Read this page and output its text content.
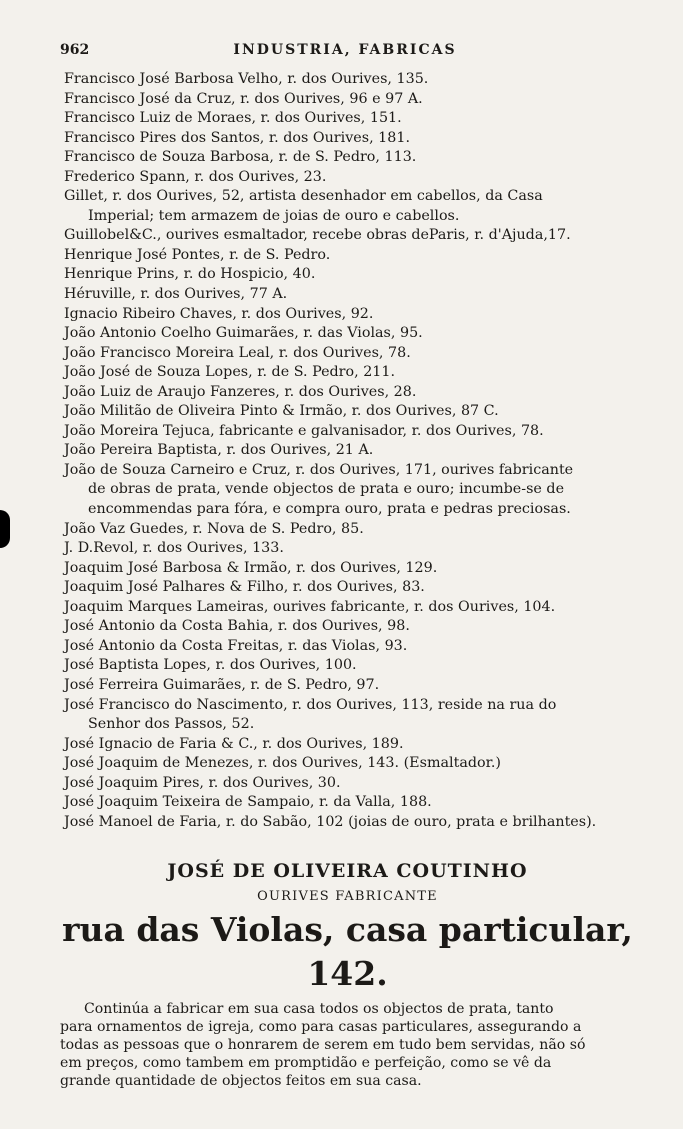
962	INDUSTRIA, FABRICAS
Francisco José Barbosa Velho, r. dos Ourives, 135.
Francisco José da Cruz, r. dos Ourives, 96 e 97 A.
Francisco Luiz de Moraes, r. dos Ourives, 151.
Francisco Pires dos Santos, r. dos Ourives, 181.
Francisco de Souza Barbosa, r. de S. Pedro, 113.
Frederico Spann, r. dos Ourives, 23.
Gillet, r. dos Ourives, 52, artista desenhador em cabellos, da Casa
Imperial; tem armazem de joias de ouro e cabellos.
Guillobel&C., ourives esmaltador, recebe obras deParis, r. d'Ajuda,17.
Henrique José Pontes, r. de S. Pedro.
Henrique Prins, r. do Hospicio, 40.
Héruville, r. dos Ourives, 77 A.
Ignacio Ribeiro Chaves, r. dos Ourives, 92.
João Antonio Coelho Guimarães, r. das Violas, 95.
João Francisco Moreira Leal, r. dos Ourives, 78.
João José de Souza Lopes, r. de S. Pedro, 211.
João Luiz de Araujo Fanzeres, r. dos Ourives, 28.
João Militão de Oliveira Pinto & Irmão, r. dos Ourives, 87 C.
João Moreira Tejuca, fabricante e galvanisador, r. dos Ourives, 78.
João Pereira Baptista, r. dos Ourives, 21 A.
João de Souza Carneiro e Cruz, r. dos Ourives, 171, ourives fabricante
de obras de prata, vende objectos de prata e ouro; incumbe-se de
encommendas para fóra, e compra ouro, prata e pedras preciosas.
João Vaz Guedes, r. Nova de S. Pedro, 85.
J. D.Revol, r. dos Ourives, 133.
Joaquim José Barbosa & Irmão, r. dos Ourives, 129.
Joaquim José Palhares & Filho, r. dos Ourives, 83.
Joaquim Marques Lameiras, ourives fabricante, r. dos Ourives, 104.
José Antonio da Costa Bahia, r. dos Ourives, 98.
José Antonio da Costa Freitas, r. das Violas, 93.
José Baptista Lopes, r. dos Ourives, 100.
José Ferreira Guimarães, r. de S. Pedro, 97.
José Francisco do Nascimento, r. dos Ourives, 113, reside na rua do
Senhor dos Passos, 52.
José Ignacio de Faria & C., r. dos Ourives, 189.
José Joaquim de Menezes, r. dos Ourives, 143. (Esmaltador.)
José Joaquim Pires, r. dos Ourives, 30.
José Joaquim Teixeira de Sampaio, r. da Valla, 188.
José Manoel de Faria, r. do Sabão, 102 (joias de ouro, prata e brilhantes).
JOSÉ DE OLIVEIRA COUTINHO
OURIVES FABRICANTE
rua das Violas, casa particular, 142.
Continúa a fabricar em sua casa todos os objectos de prata, tanto
para ornamentos de igreja, como para casas particulares, assegurando a
todas as pessoas que o honrarem de serem em tudo bem servidas, não só
em preços, como tambem em promptidão e perfeição, como se vê da
grande quantidade de objectos feitos em sua casa.
